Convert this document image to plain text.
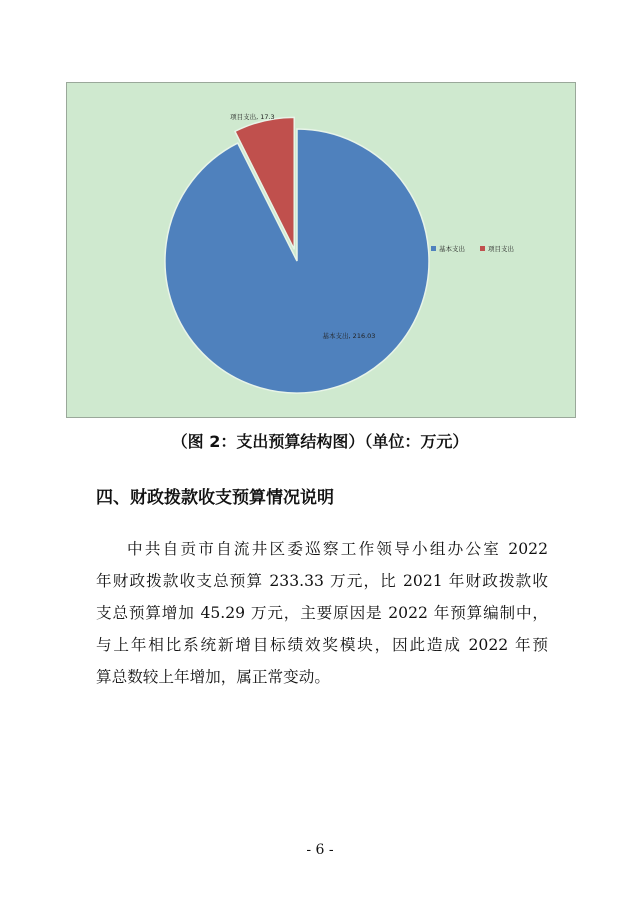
基本支出, 216.03
项目支出, 17.3
基本支出	项目支出
（图 2：支出预算结构图）（单位：万元）
四、财政拨款收支预算情况说明
中共自贡市自流井区委巡察工作领导小组办公室 2022
年财政拨款收支总预算 233.33 万元，比 2021 年财政拨款收
支总预算增加 45.29 万元，主要原因是 2022 年预算编制中，
与上年相比系统新增目标绩效奖模块，因此造成 2022 年预
算总数较上年增加，属正常变动。
- 6 -
